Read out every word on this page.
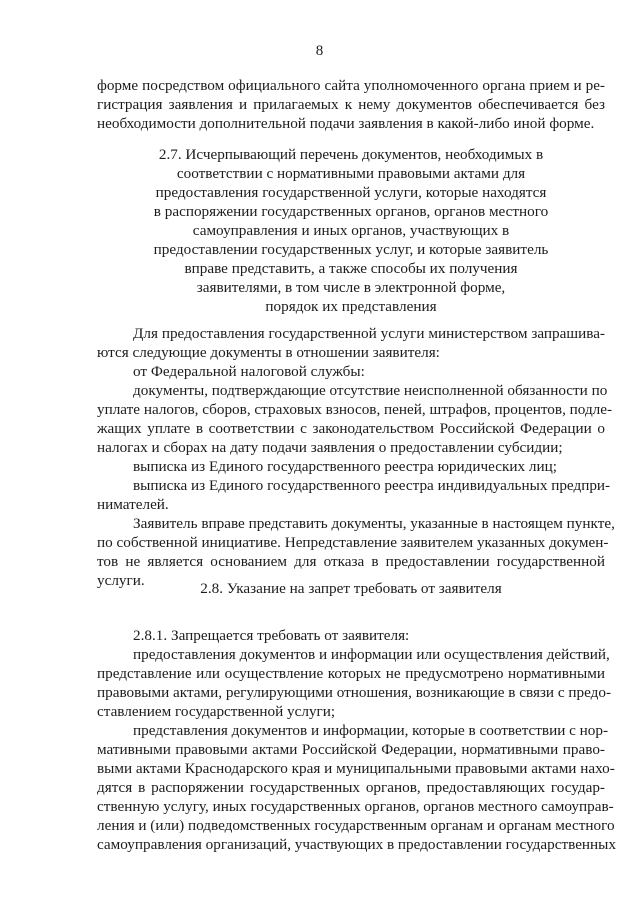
8
форме посредством официального сайта уполномоченного органа прием и ре-
гистрация заявления и прилагаемых к нему документов обеспечивается без
необходимости дополнительной подачи заявления в какой-либо иной форме.
2.7. Исчерпывающий перечень документов, необходимых в
соответствии с нормативными правовыми актами для
предоставления государственной услуги, которые находятся
в распоряжении государственных органов, органов местного
самоуправления и иных органов, участвующих в
предоставлении государственных услуг, и которые заявитель
вправе представить, а также способы их получения
заявителями, в том числе в электронной форме,
порядок их представления
Для предоставления государственной услуги министерством запрашива-
ются следующие документы в отношении заявителя:
от Федеральной налоговой службы:
документы, подтверждающие отсутствие неисполненной обязанности по
уплате налогов, сборов, страховых взносов, пеней, штрафов, процентов, подле-
жащих уплате в соответствии с законодательством Российской Федерации о
налогах и сборах на дату подачи заявления о предоставлении субсидии;
выписка из Единого государственного реестра юридических лиц;
выписка из Единого государственного реестра индивидуальных предпри-
нимателей.
Заявитель вправе представить документы, указанные в настоящем пункте,
по собственной инициативе. Непредставление заявителем указанных докумен-
тов не является основанием для отказа в предоставлении государственной
услуги.	2.8. Указание на запрет требовать от заявителя
2.8.1. Запрещается требовать от заявителя:
предоставления документов и информации или осуществления действий,
представление или осуществление которых не предусмотрено нормативными
правовыми актами, регулирующими отношения, возникающие в связи с предо-
ставлением государственной услуги;
представления документов и информации, которые в соответствии с нор-
мативными правовыми актами Российской Федерации, нормативными право-
выми актами Краснодарского края и муниципальными правовыми актами нахо-
дятся в распоряжении государственных органов, предоставляющих государ-
ственную услугу, иных государственных органов, органов местного самоуправ-
ления и (или) подведомственных государственным органам и органам местного
самоуправления организаций, участвующих в предоставлении государственных
